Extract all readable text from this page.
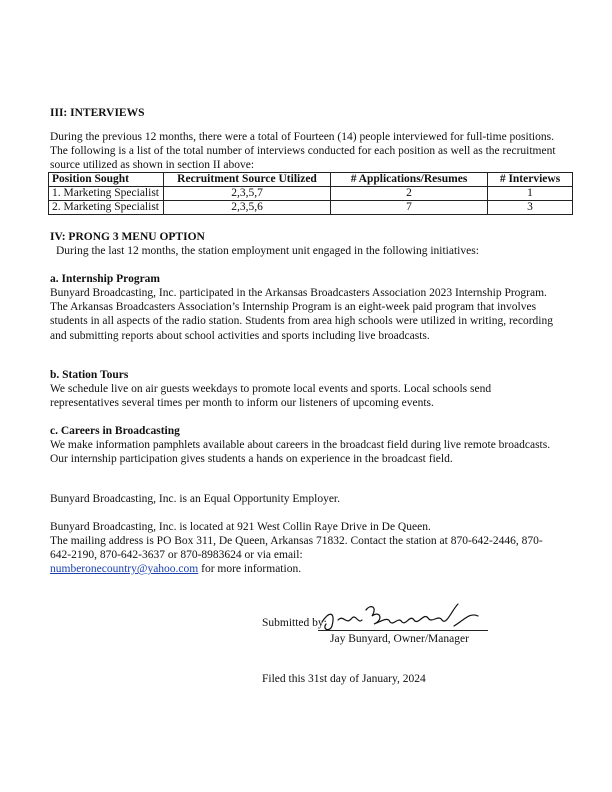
III: INTERVIEWS

During the previous 12 months, there were a total of Fourteen (14) people interviewed for full-time positions. The following is a list of the total number of interviews conducted for each position as well as the recruitment source utilized as shown in section II above:

Position Sought	Recruitment Source Utilized	# Applications/Resumes	# Interviews
1. Marketing Specialist	2,3,5,7	2	1
2. Marketing Specialist	2,3,5,6	7	3
IV: PRONG 3 MENU OPTION

During the last 12 months, the station employment unit engaged in the following initiatives:

a. Internship Program

Bunyard Broadcasting, Inc. participated in the Arkansas Broadcasters Association 2023 Internship Program. The Arkansas Broadcasters Association’s Internship Program is an eight-week paid program that involves students in all aspects of the radio station. Students from area high schools were utilized in writing, recording and submitting reports about school activities and sports including live broadcasts.

b. Station Tours

We schedule live on air guests weekdays to promote local events and sports. Local schools send representatives several times per month to inform our listeners of upcoming events.

c. Careers in Broadcasting

We make information pamphlets available about careers in the broadcast field during live remote broadcasts. Our internship participation gives students a hands on experience in the broadcast field.

Bunyard Broadcasting, Inc. is an Equal Opportunity Employer.

Bunyard Broadcasting, Inc. is located at 921 West Collin Raye Drive in De Queen.

The mailing address is PO Box 311, De Queen, Arkansas 71832. Contact the station at 870-642-2446, 870-642-2190, 870-642-3637 or 870-8983624 or via email:

numberonecountry@yahoo.com for more information.

Submitted by:
Jay Bunyard, Owner/Manager

Filed this 31st day of January, 2024
